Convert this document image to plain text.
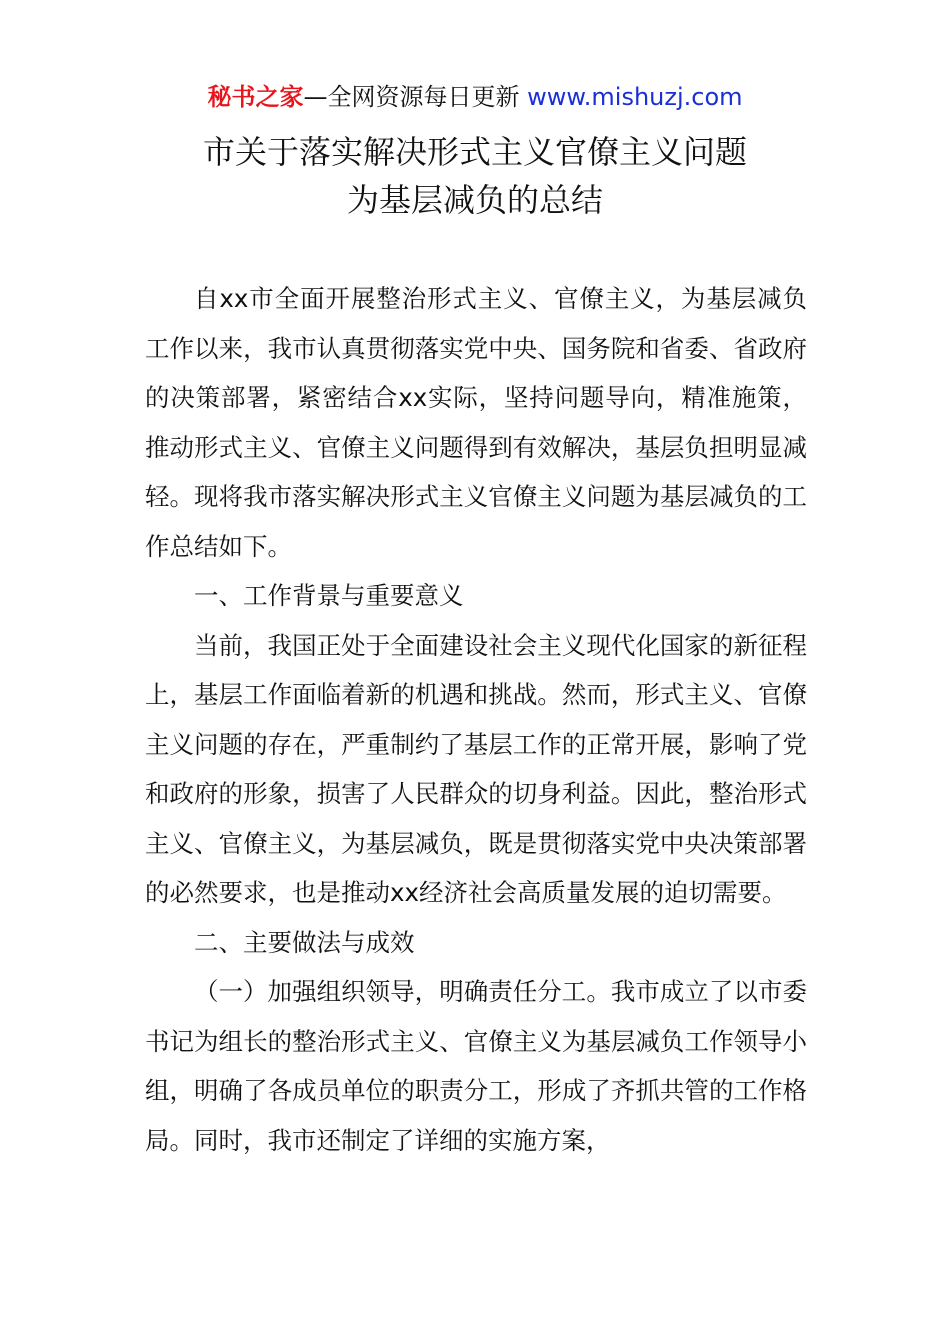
秘书之家—全网资源每日更新 www.mishuzj.com
市关于落实解决形式主义官僚主义问题
为基层减负的总结

自xx市全面开展整治形式主义、官僚主义，为基层减负工作以来，我市认真贯彻落实党中央、国务院和省委、省政府的决策部署，紧密结合xx实际，坚持问题导向，精准施策，推动形式主义、官僚主义问题得到有效解决，基层负担明显减轻。现将我市落实解决形式主义官僚主义问题为基层减负的工作总结如下。

一、工作背景与重要意义

当前，我国正处于全面建设社会主义现代化国家的新征程上，基层工作面临着新的机遇和挑战。然而，形式主义、官僚主义问题的存在，严重制约了基层工作的正常开展，影响了党和政府的形象，损害了人民群众的切身利益。因此，整治形式主义、官僚主义，为基层减负，既是贯彻落实党中央决策部署的必然要求，也是推动xx经济社会高质量发展的迫切需要。

二、主要做法与成效

（一）加强组织领导，明确责任分工。我市成立了以市委书记为组长的整治形式主义、官僚主义为基层减负工作领导小组，明确了各成员单位的职责分工，形成了齐抓共管的工作格局。同时，我市还制定了详细的实施方案，
